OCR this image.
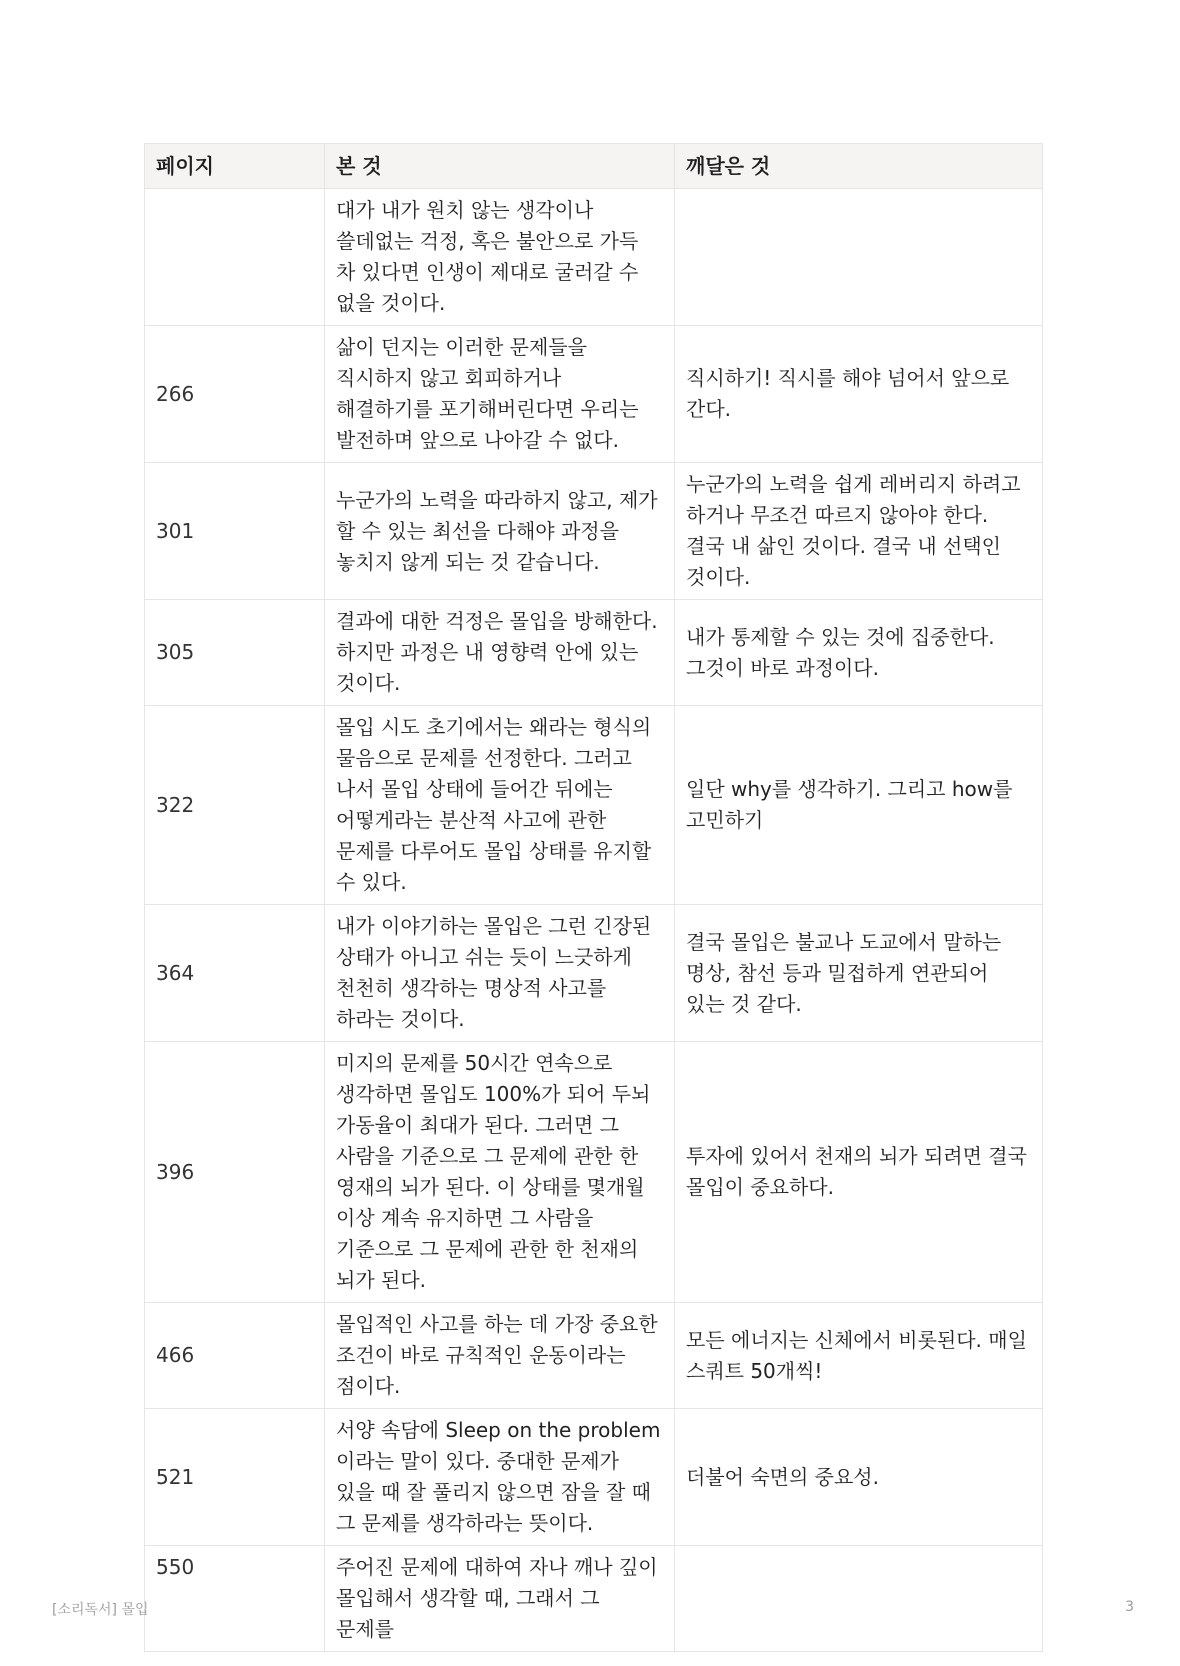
페이지	본 것	깨달은 것
	대가 내가 원치 않는 생각이나 쓸데없는 걱정, 혹은 불안으로 가득 차 있다면 인생이 제대로 굴러갈 수 없을 것이다.	
266	삶이 던지는 이러한 문제들을 직시하지 않고 회피하거나 해결하기를 포기해버린다면 우리는 발전하며 앞으로 나아갈 수 없다.	직시하기! 직시를 해야 넘어서 앞으로 간다.
301	누군가의 노력을 따라하지 않고, 제가 할 수 있는 최선을 다해야 과정을 놓치지 않게 되는 것 같습니다.	누군가의 노력을 쉽게 레버리지 하려고 하거나 무조건 따르지 않아야 한다. 결국 내 삶인 것이다. 결국 내 선택인 것이다.
305	결과에 대한 걱정은 몰입을 방해한다. 하지만 과정은 내 영향력 안에 있는 것이다.	내가 통제할 수 있는 것에 집중한다. 그것이 바로 과정이다.
322	몰입 시도 초기에서는 왜라는 형식의 물음으로 문제를 선정한다. 그러고 나서 몰입 상태에 들어간 뒤에는 어떻게라는 분산적 사고에 관한 문제를 다루어도 몰입 상태를 유지할 수 있다.	일단 why를 생각하기. 그리고 how를 고민하기
364	내가 이야기하는 몰입은 그런 긴장된 상태가 아니고 쉬는 듯이 느긋하게 천천히 생각하는 명상적 사고를 하라는 것이다.	결국 몰입은 불교나 도교에서 말하는 명상, 참선 등과 밀접하게 연관되어 있는 것 같다.
396	미지의 문제를 50시간 연속으로 생각하면 몰입도 100%가 되어 두뇌 가동율이 최대가 된다. 그러면 그 사람을 기준으로 그 문제에 관한 한 영재의 뇌가 된다. 이 상태를 몇개월 이상 계속 유지하면 그 사람을 기준으로 그 문제에 관한 한 천재의 뇌가 된다.	투자에 있어서 천재의 뇌가 되려면 결국 몰입이 중요하다.
466	몰입적인 사고를 하는 데 가장 중요한 조건이 바로 규칙적인 운동이라는 점이다.	모든 에너지는 신체에서 비롯된다. 매일 스쿼트 50개씩!
521	서양 속담에 Sleep on the problem 이라는 말이 있다. 중대한 문제가 있을 때 잘 풀리지 않으면 잠을 잘 때 그 문제를 생각하라는 뜻이다.	더불어 숙면의 중요성.
550	주어진 문제에 대하여 자나 깨나 깊이 몰입해서 생각할 때, 그래서 그 문제를	
[소리독서] 몰입	3
